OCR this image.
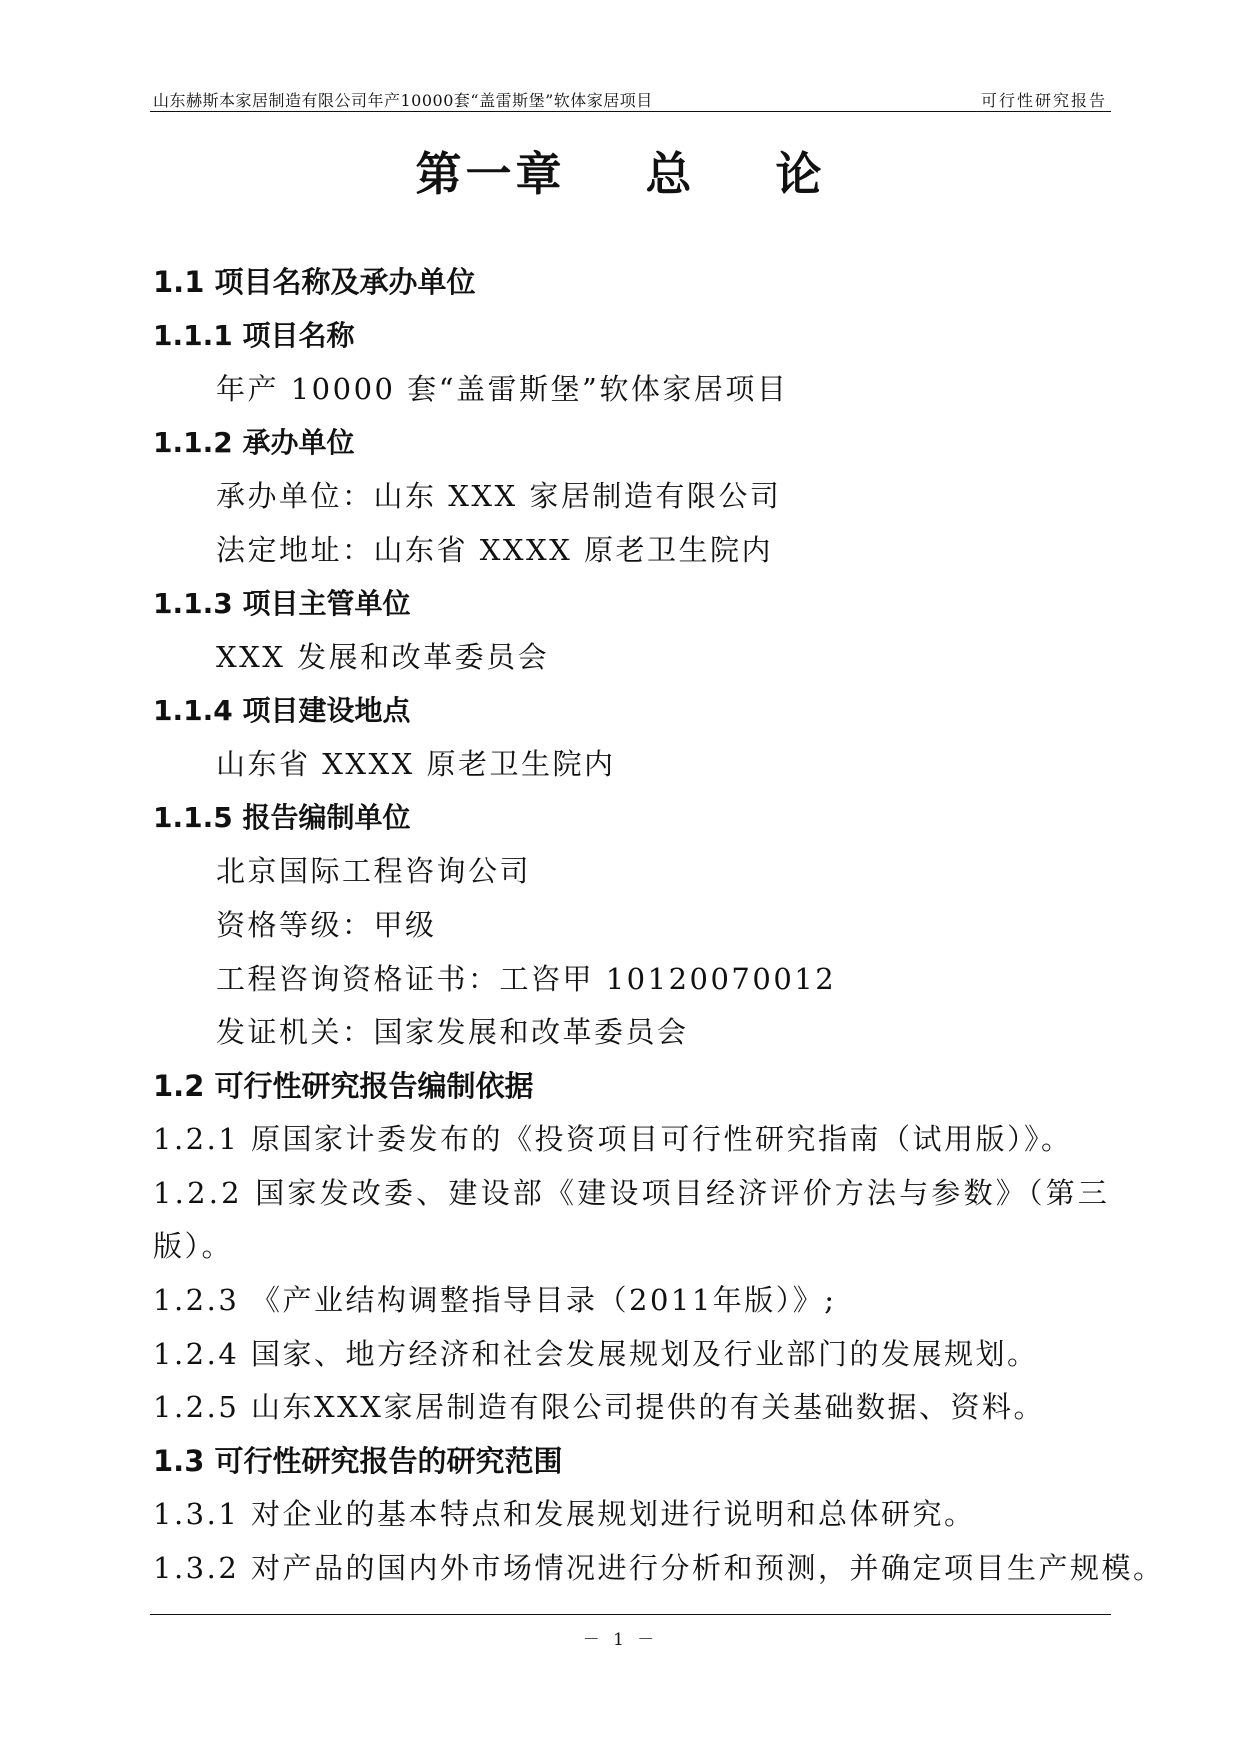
山东赫斯本家居制造有限公司年产10000套“盖雷斯堡”软体家居项目	可行性研究报告
第一章    总    论
1.1 项目名称及承办单位
1.1.1 项目名称
年产 10000 套“盖雷斯堡”软体家居项目
1.1.2 承办单位
承办单位：山东 XXX 家居制造有限公司
法定地址：山东省 XXXX 原老卫生院内
1.1.3 项目主管单位
XXX 发展和改革委员会
1.1.4 项目建设地点
山东省 XXXX 原老卫生院内
1.1.5 报告编制单位
北京国际工程咨询公司
资格等级：甲级
工程咨询资格证书：工咨甲 10120070012
发证机关：国家发展和改革委员会
1.2 可行性研究报告编制依据
1.2.1 原国家计委发布的《投资项目可行性研究指南（试用版）》。
1.2.2 国家发改委、建设部《建设项目经济评价方法与参数》（第三
版）。
1.2.3 《产业结构调整指导目录（2011年版）》;
1.2.4 国家、地方经济和社会发展规划及行业部门的发展规划。
1.2.5 山东XXX家居制造有限公司提供的有关基础数据、资料。
1.3 可行性研究报告的研究范围
1.3.1 对企业的基本特点和发展规划进行说明和总体研究。
1.3.2 对产品的国内外市场情况进行分析和预测，并确定项目生产规模。
－ 1 －
